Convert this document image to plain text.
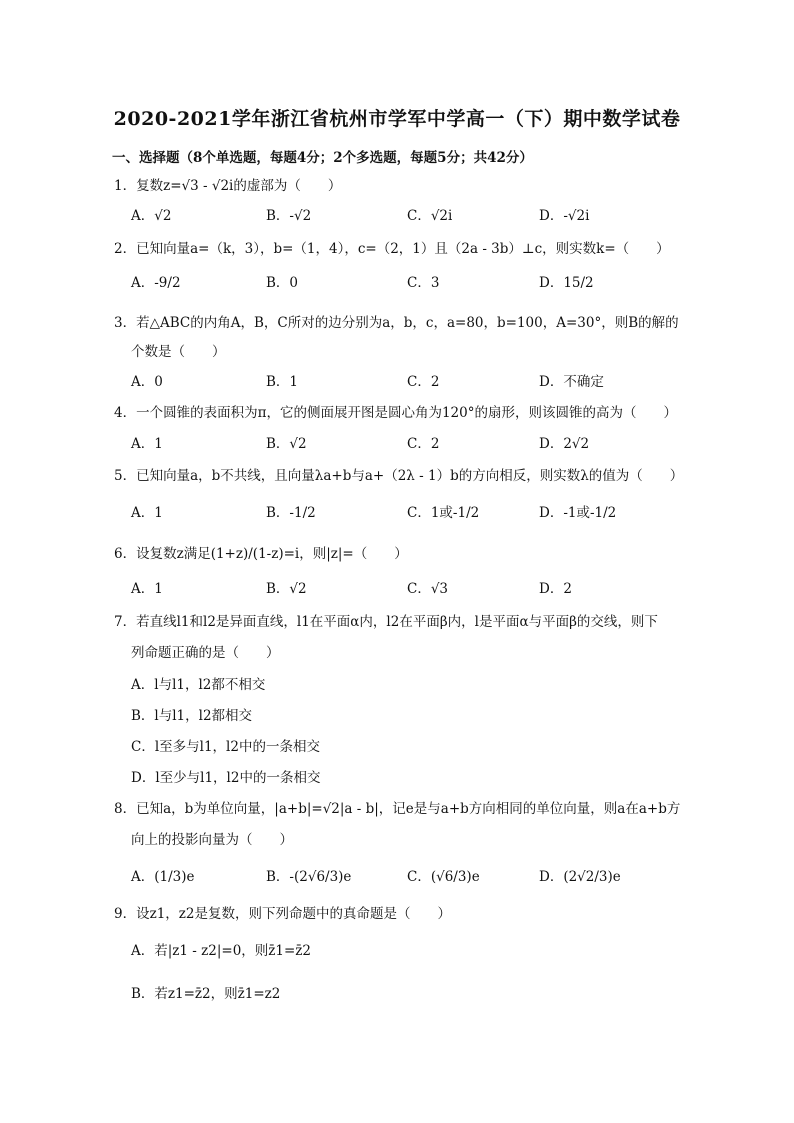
2020-2021学年浙江省杭州市学军中学高一（下）期中数学试卷
一、选择题（8个单选题，每题4分；2个多选题，每题5分；共42分）
1．复数z=√3 - √2i的虚部为（　　）
A．√2	B．-√2	C．√2i	D．-√2i
2．已知向量a=（k，3），b=（1，4），c=（2，1）且（2a - 3b）⊥c，则实数k=（　　）
A．-9/2	B．0	C．3	D．15/2
3．若△ABC的内角A，B，C所对的边分别为a，b，c，a=80，b=100，A=30°，则B的解的
个数是（　　）
A．0	B．1	C．2	D．不确定
4．一个圆锥的表面积为π，它的侧面展开图是圆心角为120°的扇形，则该圆锥的高为（　　）
A．1	B．√2	C．2	D．2√2
5．已知向量a，b不共线，且向量λa+b与a+（2λ - 1）b的方向相反，则实数λ的值为（　　）
A．1	B．-1/2	C．1或-1/2	D．-1或-1/2
6．设复数z满足(1+z)/(1-z)=i，则|z|=（　　）
A．1	B．√2	C．√3	D．2
7．若直线l1和l2是异面直线，l1在平面α内，l2在平面β内，l是平面α与平面β的交线，则下
列命题正确的是（　　）
A．l与l1，l2都不相交
B．l与l1，l2都相交
C．l至多与l1，l2中的一条相交
D．l至少与l1，l2中的一条相交
8．已知a，b为单位向量，|a+b|=√2|a - b|，记e是与a+b方向相同的单位向量，则a在a+b方
向上的投影向量为（　　）
A．(1/3)e	B．-(2√6/3)e	C．(√6/3)e	D．(2√2/3)e
9．设z1，z2是复数，则下列命题中的真命题是（　　）
A．若|z1 - z2|=0，则z̄1=z̄2
B．若z1=z̄2，则z̄1=z2
